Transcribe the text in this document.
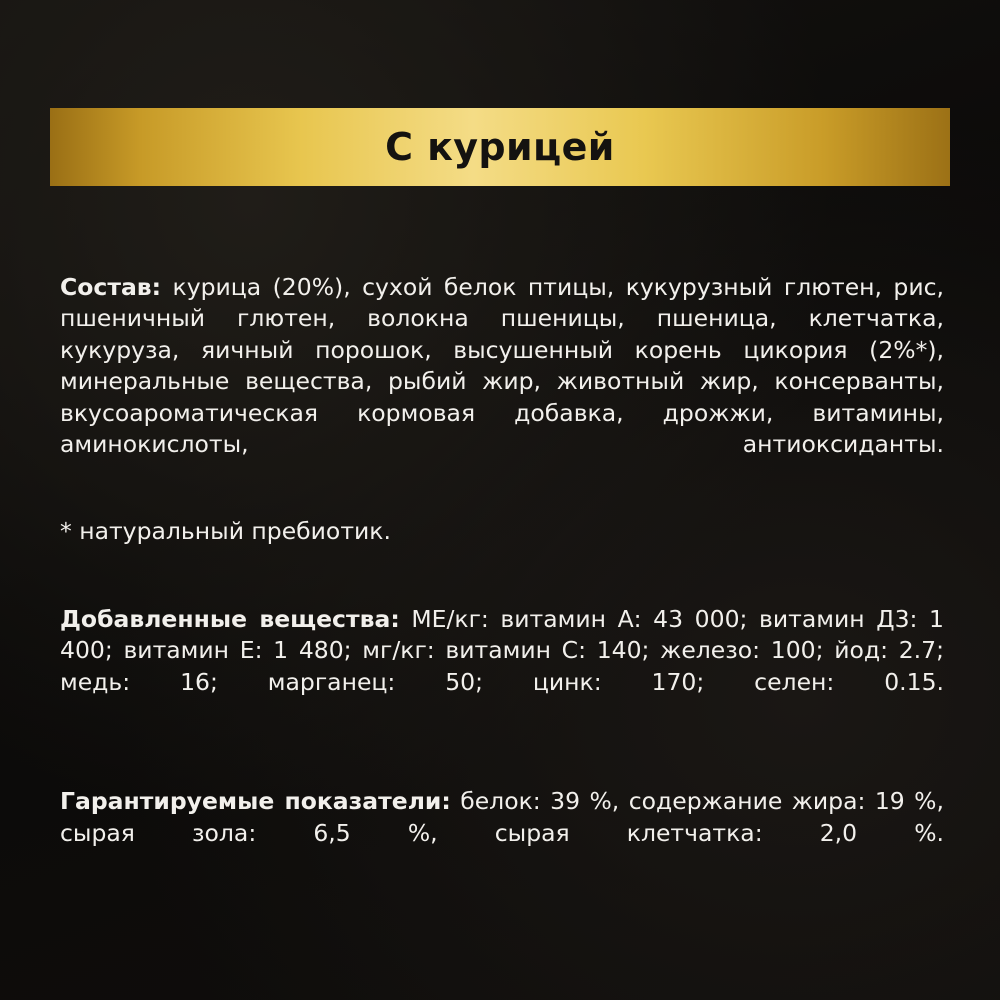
С курицей

Состав: курица (20%), сухой белок птицы, кукурузный глютен, рис, пшеничный глютен, волокна пшеницы, пшеница, клетчатка, кукуруза, яичный порошок, высушенный корень цикория (2%*), минеральные вещества, рыбий жир, животный жир, консерванты, вкусоароматическая кормовая добавка, дрожжи, витамины, аминокислоты, антиоксиданты.

* натуральный пребиотик.

Добавленные вещества: МЕ/кг: витамин А: 43 000; витамин Д3: 1 400; витамин Е: 1 480; мг/кг: витамин С: 140; железо: 100; йод: 2.7; медь: 16; марганец: 50; цинк: 170; селен: 0.15.

Гарантируемые показатели: белок: 39 %, содержание жира: 19 %, сырая зола: 6,5 %, сырая клетчатка: 2,0 %.
